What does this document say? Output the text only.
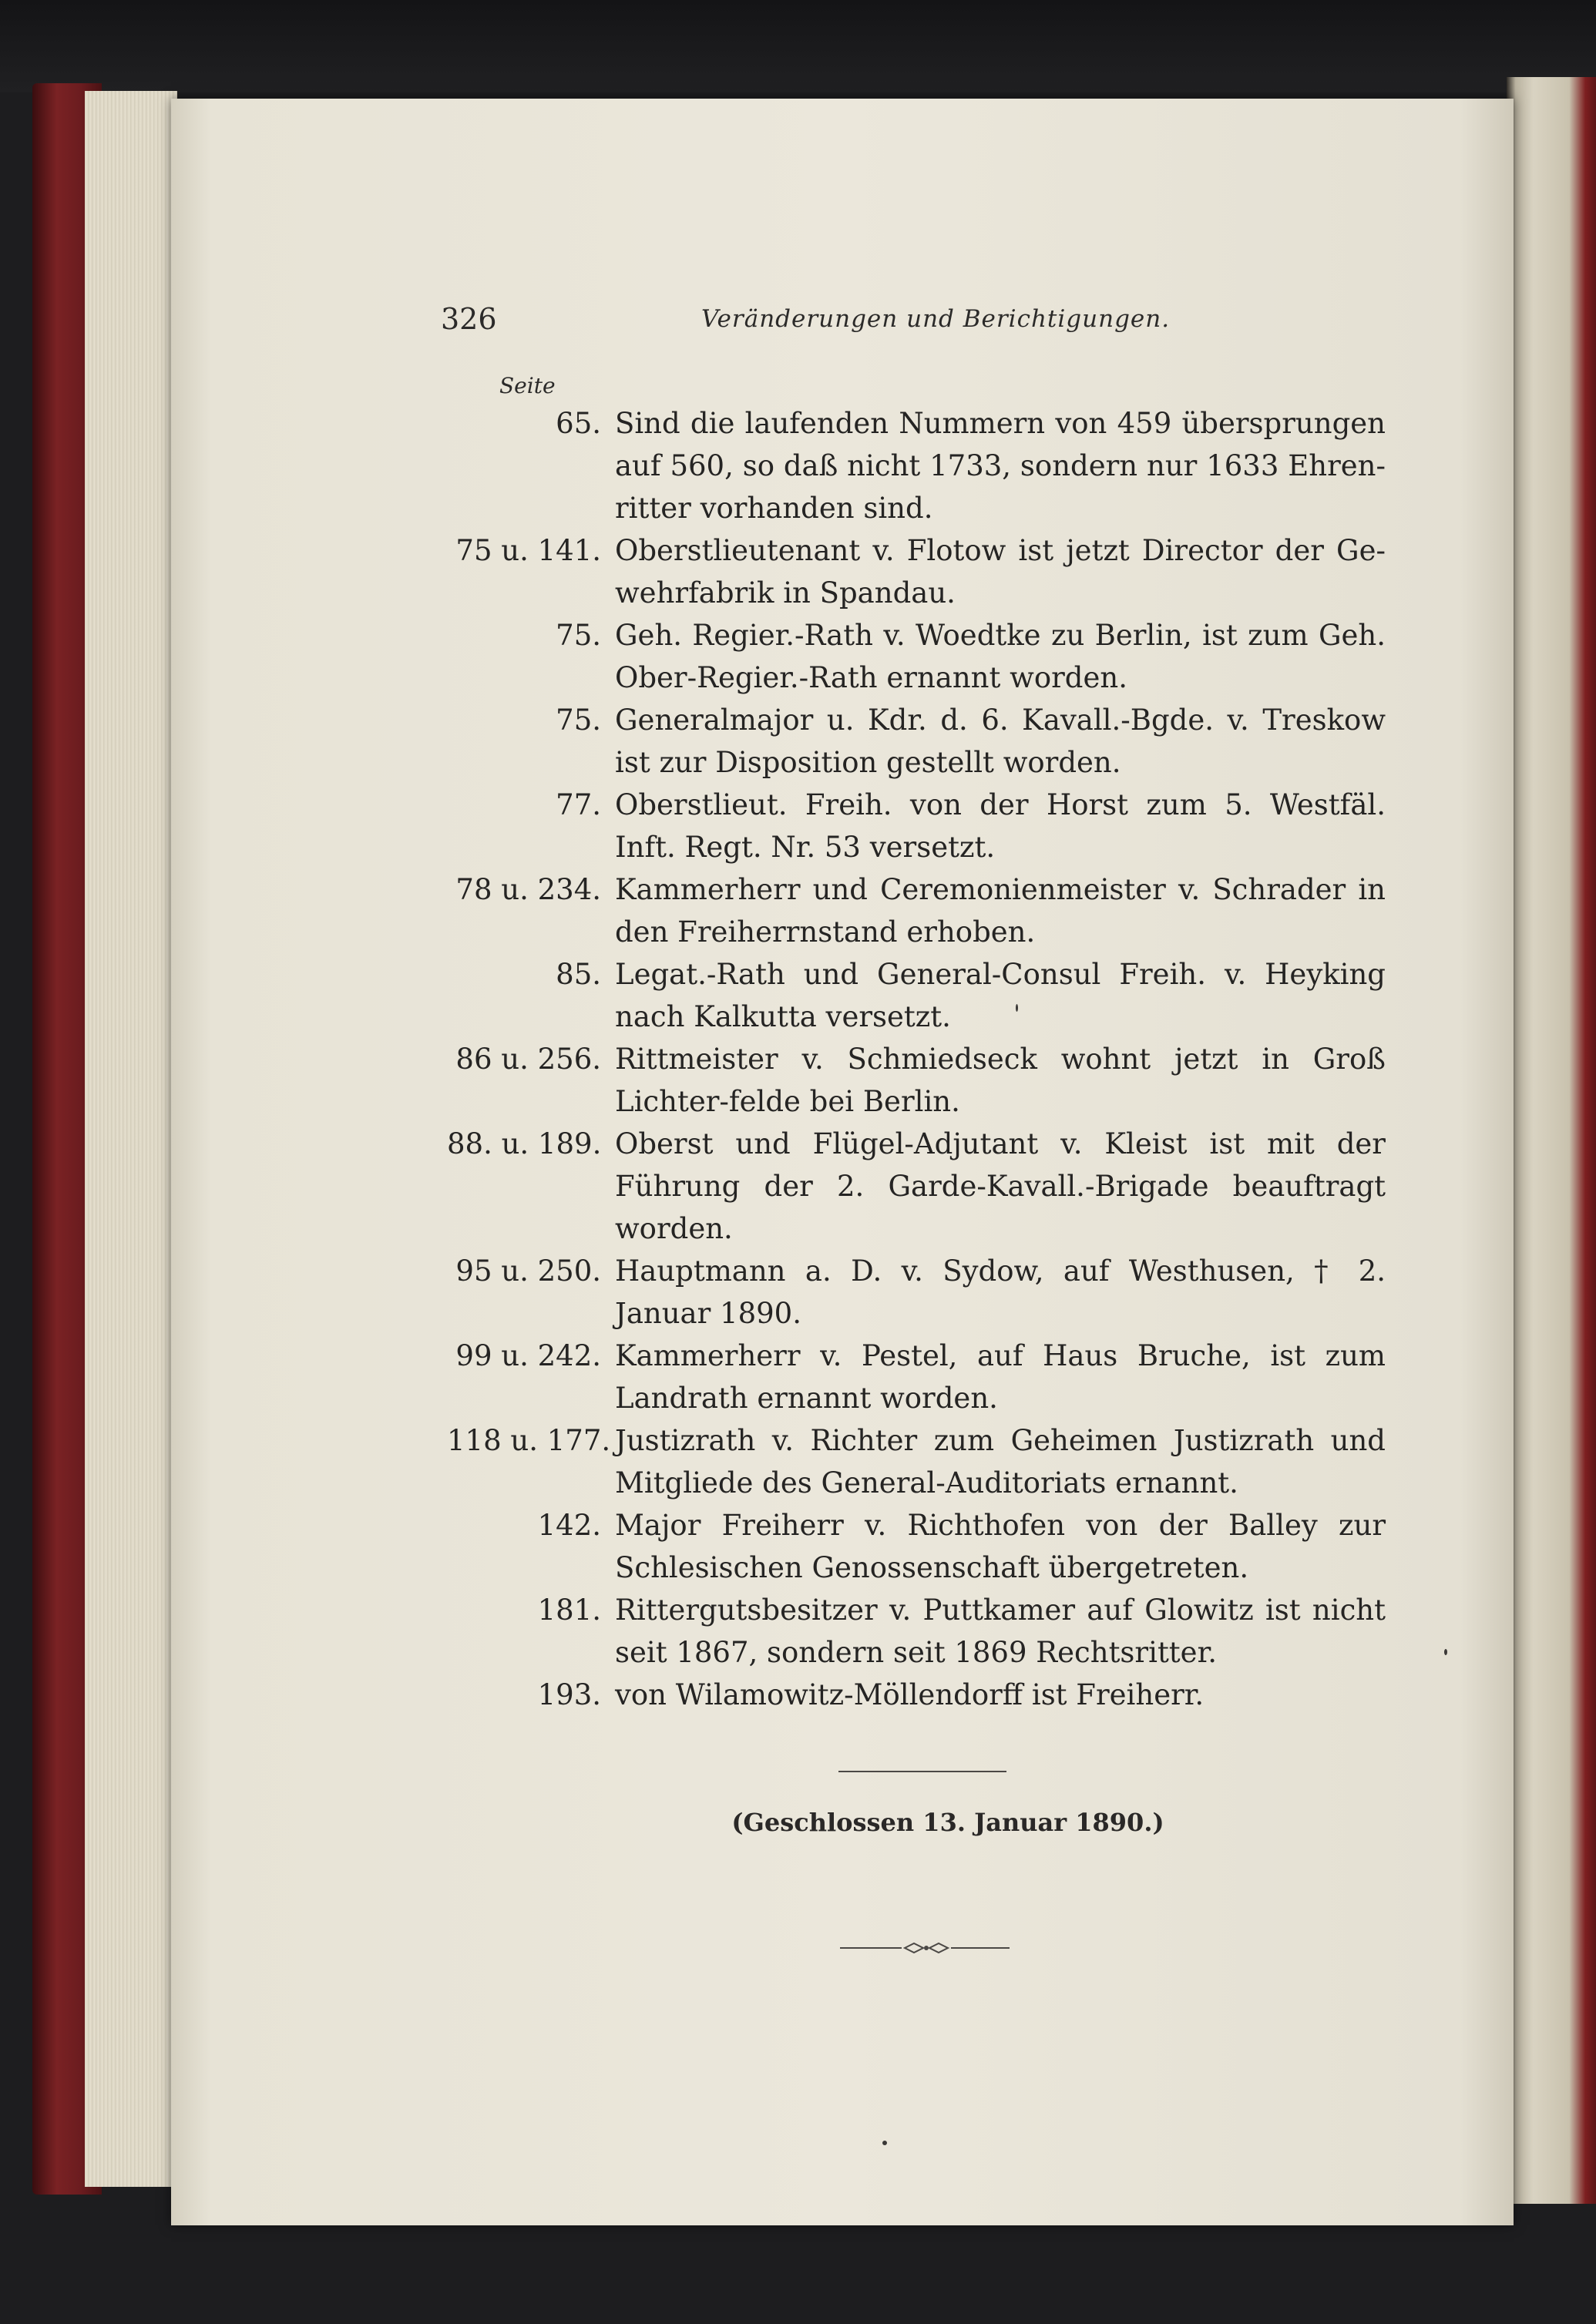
326	Veränderungen und Berichtigungen.
Seite
65. Sind die laufenden Nummern von 459 übersprungen auf 560, so daß nicht 1733, sondern nur 1633 Ehren-ritter vorhanden sind.
75 u. 141. Oberstlieutenant v. Flotow ist jetzt Director der Ge-wehrfabrik in Spandau.
75. Geh. Regier.-Rath v. Woedtke zu Berlin, ist zum Geh. Ober-Regier.-Rath ernannt worden.
75. Generalmajor u. Kdr. d. 6. Kavall.-Bgde. v. Treskow ist zur Disposition gestellt worden.
77. Oberstlieut. Freih. von der Horst zum 5. Westfäl. Inft. Regt. Nr. 53 versetzt.
78 u. 234. Kammerherr und Ceremonienmeister v. Schrader in den Freiherrnstand erhoben.
85. Legat.-Rath und General-Consul Freih. v. Heyking nach Kalkutta versetzt.
86 u. 256. Rittmeister v. Schmiedseck wohnt jetzt in Groß Lichter-felde bei Berlin.
88. u. 189. Oberst und Flügel-Adjutant v. Kleist ist mit der Führung der 2. Garde-Kavall.-Brigade beauftragt worden.
95 u. 250. Hauptmann a. D. v. Sydow, auf Westhusen, † 2. Januar 1890.
99 u. 242. Kammerherr v. Pestel, auf Haus Bruche, ist zum Landrath ernannt worden.
118 u. 177. Justizrath v. Richter zum Geheimen Justizrath und Mitgliede des General-Auditoriats ernannt.
142. Major Freiherr v. Richthofen von der Balley zur Schlesischen Genossenschaft übergetreten.
181. Rittergutsbesitzer v. Puttkamer auf Glowitz ist nicht seit 1867, sondern seit 1869 Rechtsritter.
193. von Wilamowitz-Möllendorff ist Freiherr.
(Geschlossen 13. Januar 1890.)
